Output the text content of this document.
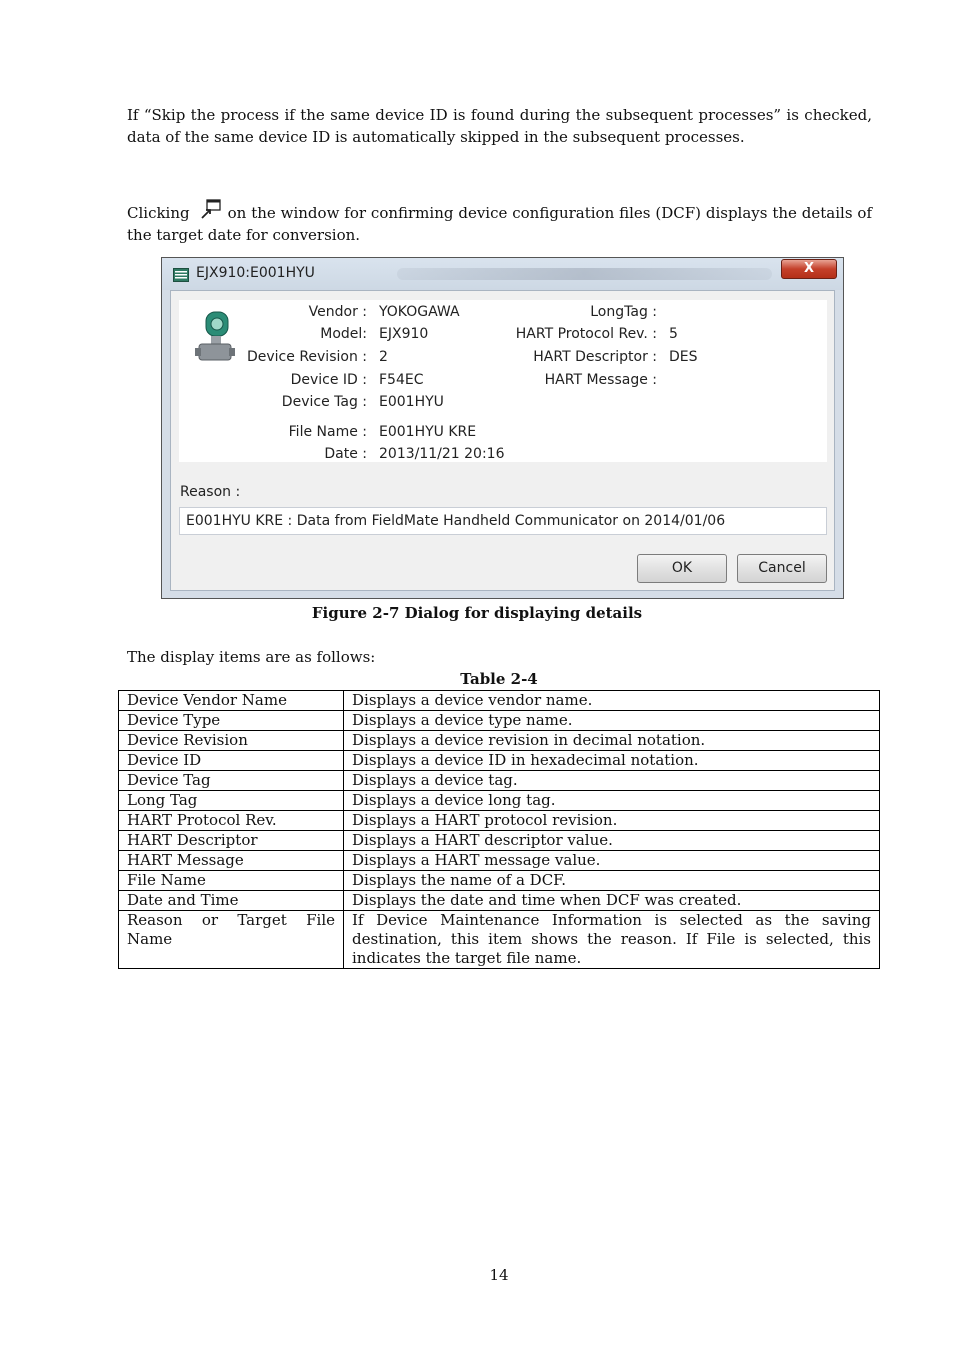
If “Skip the process if the same device ID is found during the subsequent processes” is checked, data of the same device ID is automatically skipped in the subsequent processes.

Clicking	on the window for confirming device configuration files (DCF) displays the details of the target date for conversion.

EJX910:E001HYU	X
Vendor : YOKOGAWA
Model: EJX910
Device Revision : 2
Device ID : F54EC
Device Tag : E001HYU
File Name : E001HYU KRE
Date : 2013/11/21 20:16
LongTag :
HART Protocol Rev. : 5
HART Descriptor : DES
HART Message :
Reason :
E001HYU KRE : Data from FieldMate Handheld Communicator on 2014/01/06
OK	Cancel
Figure 2-7 Dialog for displaying details

The display items are as follows:

Table 2-4
Device Vendor Name	Displays a device vendor name.
Device Type	Displays a device type name.
Device Revision	Displays a device revision in decimal notation.
Device ID	Displays a device ID in hexadecimal notation.
Device Tag	Displays a device tag.
Long Tag	Displays a device long tag.
HART Protocol Rev.	Displays a HART protocol revision.
HART Descriptor	Displays a HART descriptor value.
HART Message	Displays a HART message value.
File Name	Displays the name of a DCF.
Date and Time	Displays the date and time when DCF was created.
Reason or Target File Name	If Device Maintenance Information is selected as the saving destination, this item shows the reason. If File is selected, this indicates the target file name.
14
